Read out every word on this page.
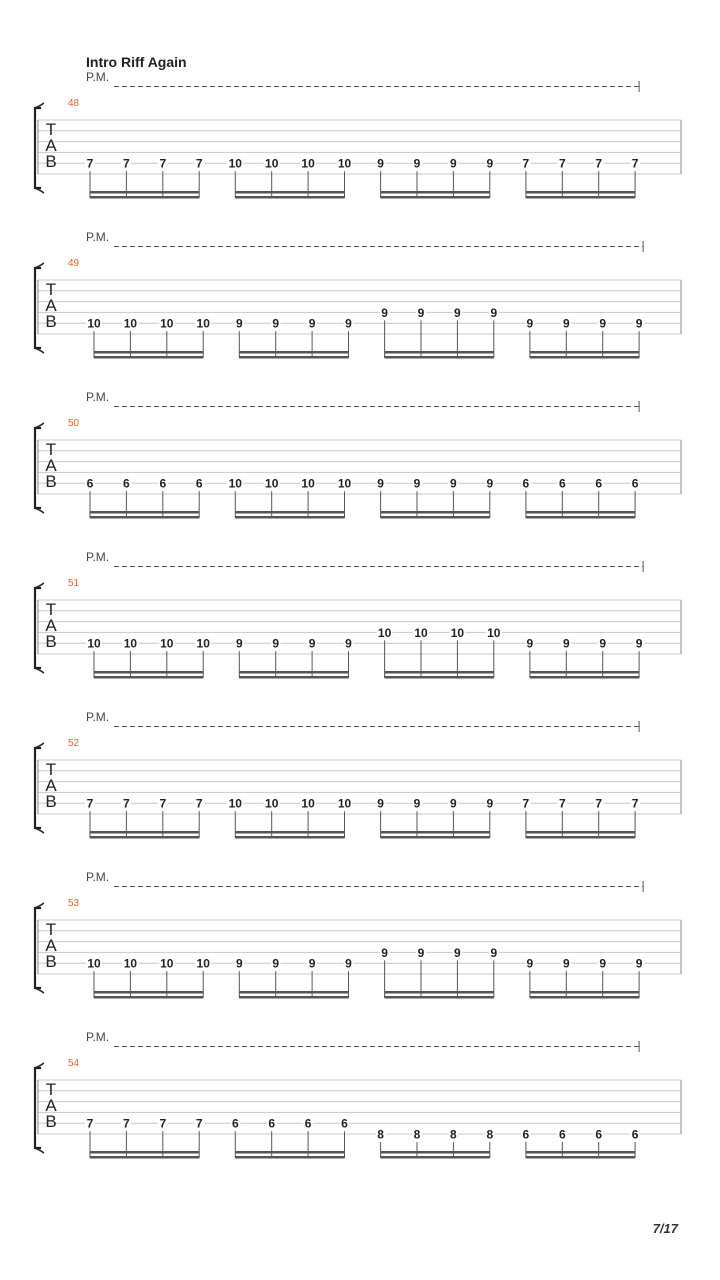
Intro Riff Again
P.M.
48
T
A
B 7 7 7 7 10 10 10 10 9 9 9 9 7 7 7 7
P.M.
49
T
A
B	10 10 10 10 9 9 9 9
9 9 9 9
9 9 9 9
P.M.
50
T
A
B 6 6 6 6 10 10 10 10 9 9 9 9 6 6 6 6
P.M.
51
T
A
B	10 10 10 10 9 9 9 9
10 10 10 10
9 9 9 9
P.M.
52
T
A
B 7 7 7 7 10 10 10 10 9 9 9 9 7 7 7 7
P.M.
53
T
A
B	10 10 10 10 9 9 9 9
9 9 9 9
9 9 9 9
P.M.
54
T
A
B 7 7 7 7 6 6 6 6
8 8 8 8 6 6 6 6
7/17
